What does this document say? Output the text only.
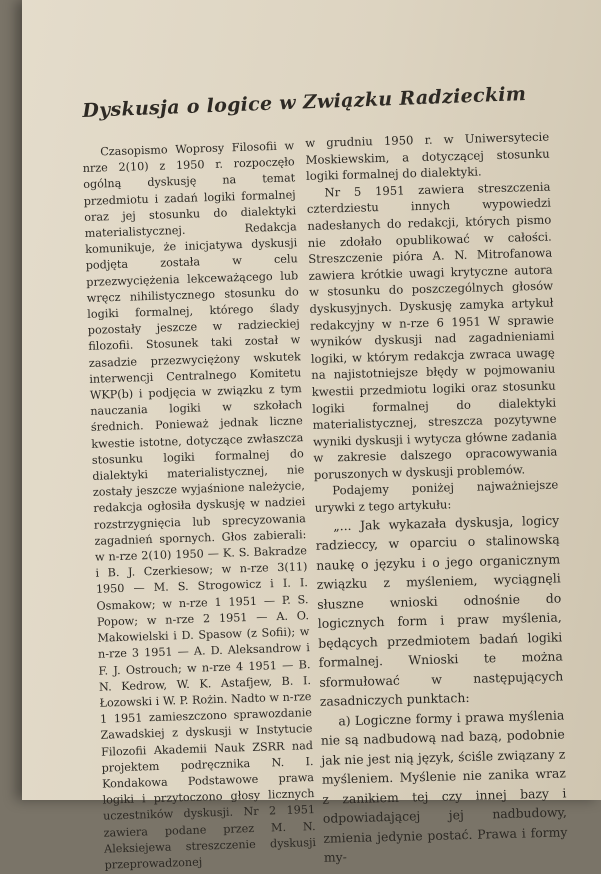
Dyskusja o logice w Związku Radzieckim

Czasopismo Woprosy Filosofii w nrze 2(10) z 1950 r. rozpoczęło ogólną dyskusję na temat przedmiotu i zadań logiki formalnej oraz jej stosunku do dialektyki materialistycznej. Redakcja komunikuje, że inicjatywa dyskusji podjęta została w celu przezwyciężenia lekceważącego lub wręcz nihilistycznego stosunku do logiki formalnej, którego ślady pozostały jeszcze w radzieckiej filozofii. Stosunek taki został w zasadzie przezwyciężony wskutek interwencji Centralnego Komitetu WKP(b) i podjęcia w związku z tym nauczania logiki w szkołach średnich. Ponieważ jednak liczne kwestie istotne, dotyczące zwłaszcza stosunku logiki formalnej do dialektyki materialistycznej, nie zostały jeszcze wyjaśnione należycie, redakcja ogłosiła dyskusję w nadziei rozstrzygnięcia lub sprecyzowania zagadnień spornych. Głos zabierali: w n-rze 2(10) 1950 — K. S. Bakradze i B. J. Czerkiesow; w n-rze 3(11) 1950 — M. S. Strogowicz i I. I. Osmakow; w n-rze 1 1951 — P. S. Popow; w n-rze 2 1951 — A. O. Makowielski i D. Spasow (z Sofii); w n-rze 3 1951 — A. D. Aleksandrow i F. J. Ostrouch; w n-rze 4 1951 — B. N. Kedrow, W. K. Astafjew, B. I. Łozowski i W. P. Rożin. Nadto w n-rze 1 1951 zamieszczono sprawozdanie Zawadskiej z dyskusji w Instytucie Filozofii Akademii Nauk ZSRR nad projektem podręcznika N. I. Kondakowa Podstawowe prawa logiki i przytoczono głosy licznych uczestników dyskusji. Nr 2 1951 zawiera podane przez M. N. Aleksiejewa streszczenie dyskusji przeprowadzonej

w grudniu 1950 r. w Uniwersytecie Moskiewskim, a dotyczącej stosunku logiki formalnej do dialektyki.

Nr 5 1951 zawiera streszczenia czterdziestu innych wypowiedzi nadesłanych do redakcji, których pismo nie zdołało opublikować w całości. Streszczenie pióra A. N. Mitrofanowa zawiera krótkie uwagi krytyczne autora w stosunku do poszczególnych głosów dyskusyjnych. Dyskusję zamyka artykuł redakcyjny w n-rze 6 1951 W sprawie wyników dyskusji nad zagadnieniami logiki, w którym redakcja zwraca uwagę na najistotniejsze błędy w pojmowaniu kwestii przedmiotu logiki oraz stosunku logiki formalnej do dialektyki materialistycznej, streszcza pozytywne wyniki dyskusji i wytycza główne zadania w zakresie dalszego opracowywania poruszonych w dyskusji problemów.

Podajemy poniżej najważniejsze urywki z tego artykułu:

„... Jak wykazała dyskusja, logicy radzieccy, w oparciu o stalinowską naukę o języku i o jego organicznym związku z myśleniem, wyciągnęli słuszne wnioski odnośnie do logicznych form i praw myślenia, będących przedmiotem badań logiki formalnej. Wnioski te można sformułować w następujących zasadniczych punktach:

a) Logiczne formy i prawa myślenia nie są nadbudową nad bazą, podobnie jak nie jest nią język, ściśle związany z myśleniem. Myślenie nie zanika wraz z zanikiem tej czy innej bazy i odpowiadającej jej nadbudowy, zmienia jedynie postać. Prawa i formy my-
